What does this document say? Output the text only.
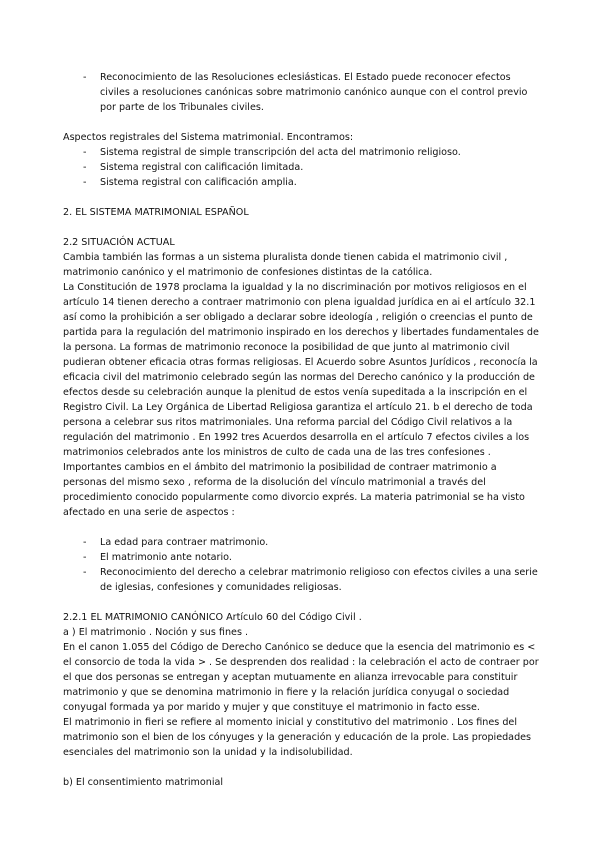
- Reconocimiento de las Resoluciones eclesiásticas. El Estado puede reconocer efectos civiles a resoluciones canónicas sobre matrimonio canónico aunque con el control previo por parte de los Tribunales civiles.

Aspectos registrales del Sistema matrimonial. Encontramos:

- Sistema registral de simple transcripción del acta del matrimonio religioso.
- Sistema registral con calificación limitada.
- Sistema registral con calificación amplia.

2. EL SISTEMA MATRIMONIAL ESPAÑOL

2.2 SITUACIÓN ACTUAL

Cambia también las formas a un sistema pluralista donde tienen cabida el matrimonio civil , matrimonio canónico y el matrimonio de confesiones distintas de la católica.

La Constitución de 1978 proclama la igualdad y la no discriminación por motivos religiosos en el artículo 14 tienen derecho a contraer matrimonio con plena igualdad jurídica en ai el artículo 32.1 así como la prohibición a ser obligado a declarar sobre ideología , religión o creencias el punto de partida para la regulación del matrimonio inspirado en los derechos y libertades fundamentales de la persona. La formas de matrimonio reconoce la posibilidad de que junto al matrimonio civil pudieran obtener eficacia otras formas religiosas. El Acuerdo sobre Asuntos Jurídicos , reconocía la eficacia civil del matrimonio celebrado según las normas del Derecho canónico y la producción de efectos desde su celebración aunque la plenitud de estos venía supeditada a la inscripción en el Registro Civil. La Ley Orgánica de Libertad Religiosa garantiza el artículo 21. b el derecho de toda persona a celebrar sus ritos matrimoniales. Una reforma parcial del Código Civil relativos a la regulación del matrimonio . En 1992 tres Acuerdos desarrolla en el artículo 7 efectos civiles a los matrimonios celebrados ante los ministros de culto de cada una de las tres confesiones . Importantes cambios en el ámbito del matrimonio la posibilidad de contraer matrimonio a personas del mismo sexo , reforma de la disolución del vínculo matrimonial a través del procedimiento conocido popularmente como divorcio exprés. La materia patrimonial se ha visto afectado en una serie de aspectos :

- La edad para contraer matrimonio.
- El matrimonio ante notario.
- Reconocimiento del derecho a celebrar matrimonio religioso con efectos civiles a una serie de iglesias, confesiones y comunidades religiosas.

2.2.1 EL MATRIMONIO CANÓNICO Artículo 60 del Código Civil .

a ) El matrimonio . Noción y sus fines .

En el canon 1.055 del Código de Derecho Canónico se deduce que la esencia del matrimonio es < el consorcio de toda la vida > . Se desprenden dos realidad : la celebración el acto de contraer por el que dos personas se entregan y aceptan mutuamente en alianza irrevocable para constituir matrimonio y que se denomina matrimonio in fiere y la relación jurídica conyugal o sociedad conyugal formada ya por marido y mujer y que constituye el matrimonio in facto esse.

El matrimonio in fieri se refiere al momento inicial y constitutivo del matrimonio . Los fines del matrimonio son el bien de los cónyuges y la generación y educación de la prole. Las propiedades esenciales del matrimonio son la unidad y la indisolubilidad.

b) El consentimiento matrimonial
